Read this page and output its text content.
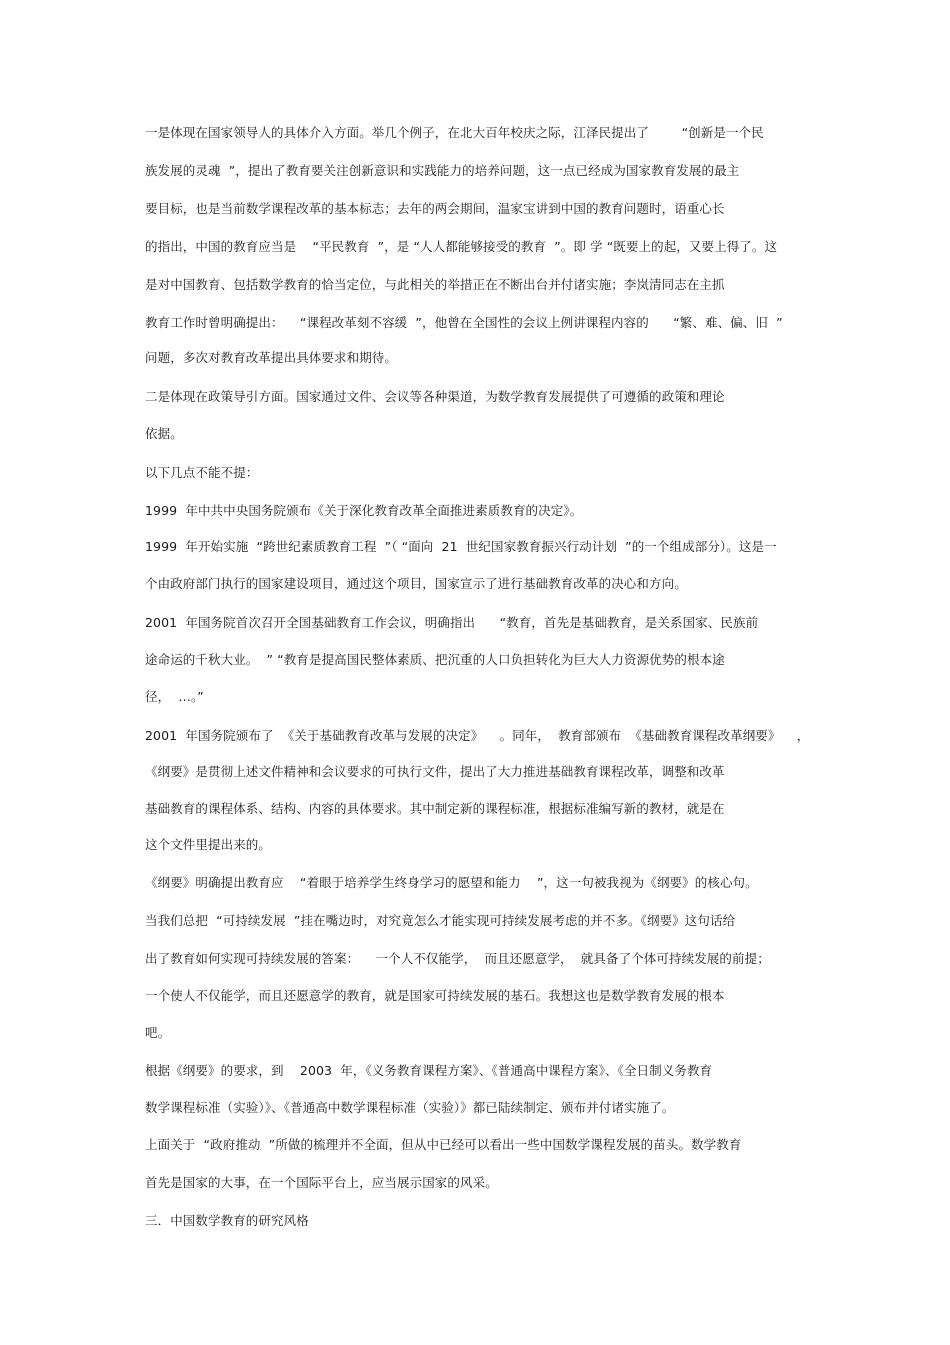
一是体现在国家领导人的具体介入方面。举几个例子，在北大百年校庆之际，江泽民提出了        “创新是一个民
族发展的灵魂  ”，提出了教育要关注创新意识和实践能力的培养问题，这一点已经成为国家教育发展的最主
要目标，也是当前数学课程改革的基本标志；去年的两会期间，温家宝讲到中国的教育问题时，语重心长
的指出，中国的教育应当是    “平民教育  ”，是 “人人都能够接受的教育  ”。即 学 “既要上的起，又要上得了。这
是对中国教育、包括数学教育的恰当定位，与此相关的举措正在不断出台并付诸实施；李岚清同志在主抓
教育工作时曾明确提出：    “课程改革刻不容缓  ”，他曾在全国性的会议上例讲课程内容的      “繁、难、偏、旧  ”
问题，多次对教育改革提出具体要求和期待。
二是体现在政策导引方面。国家通过文件、会议等各种渠道，为数学教育发展提供了可遵循的政策和理论
依据。
以下几点不能不提：
1999  年中共中央国务院颁布《关于深化教育改革全面推进素质教育的决定》。
1999  年开始实施  “跨世纪素质教育工程  ”（ “面向  21  世纪国家教育振兴行动计划  ”的一个组成部分）。这是一
个由政府部门执行的国家建设项目，通过这个项目，国家宣示了进行基础教育改革的决心和方向。
2001  年国务院首次召开全国基础教育工作会议，明确指出      “教育，首先是基础教育，是关系国家、民族前
途命运的千秋大业。  ” “教育是提高国民整体素质、把沉重的人口负担转化为巨大人力资源优势的根本途
径，  …。”
2001  年国务院颁布了  《关于基础教育改革与发展的决定》    。同年，  教育部颁布  《基础教育课程改革纲要》    ，
《纲要》是贯彻上述文件精神和会议要求的可执行文件，提出了大力推进基础教育课程改革，调整和改革
基础教育的课程体系、结构、内容的具体要求。其中制定新的课程标准，根据标准编写新的教材，就是在
这个文件里提出来的。
《纲要》明确提出教育应    “着眼于培养学生终身学习的愿望和能力    ”，这一句被我视为《纲要》的核心句。
当我们总把  “可持续发展  ”挂在嘴边时，对究竟怎么才能实现可持续发展考虑的并不多。《纲要》这句话给
出了教育如何实现可持续发展的答案：    一个人不仅能学，  而且还愿意学，  就具备了个体可持续发展的前提；
一个使人不仅能学，而且还愿意学的教育，就是国家可持续发展的基石。我想这也是数学教育发展的根本
吧。
根据《纲要》的要求，到    2003  年，《义务教育课程方案》、《普通高中课程方案》、《全日制义务教育
数学课程标准（实验）》、《普通高中数学课程标准（实验）》都已陆续制定、颁布并付诸实施了。
上面关于  “政府推动  ”所做的梳理并不全面，但从中已经可以看出一些中国数学课程发展的苗头。数学教育
首先是国家的大事，在一个国际平台上，应当展示国家的风采。
三．中国数学教育的研究风格
